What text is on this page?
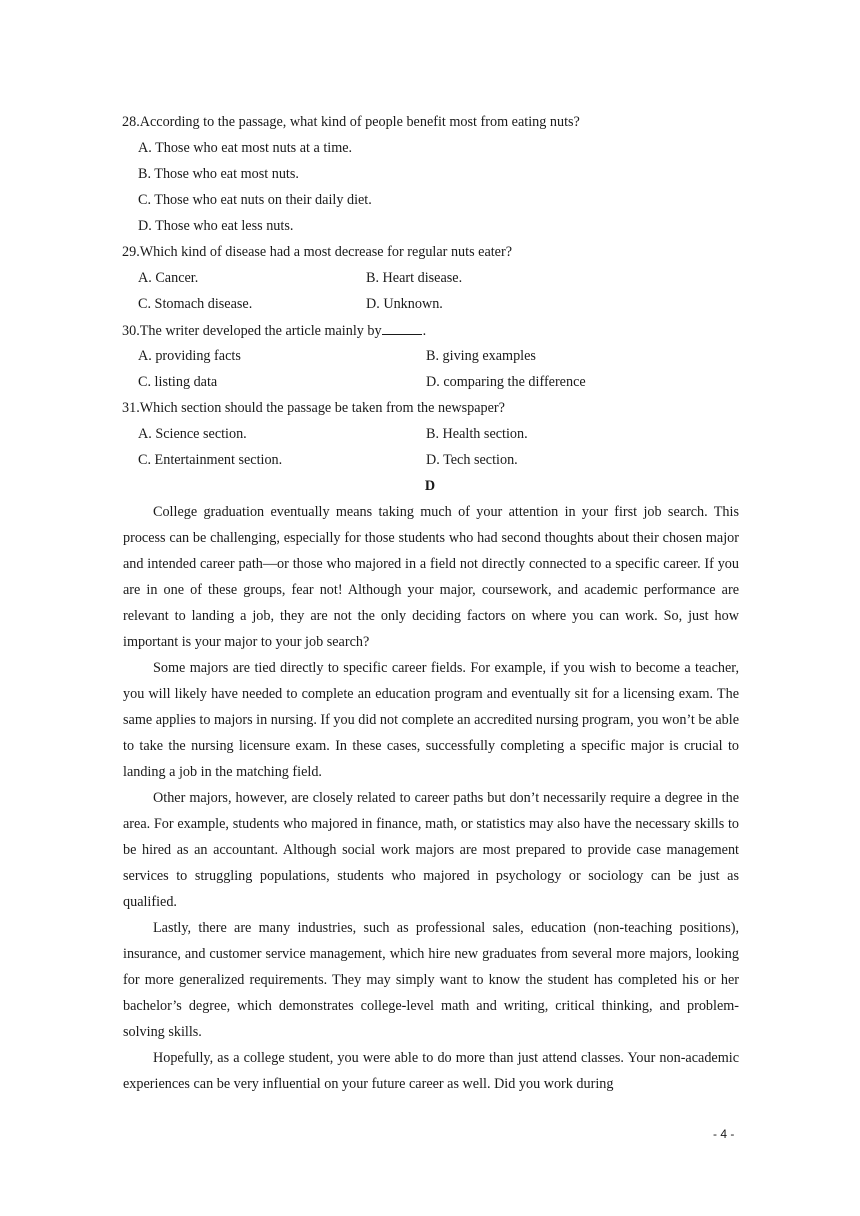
28.According to the passage, what kind of people benefit most from eating nuts?
A. Those who eat most nuts at a time.
B. Those who eat most nuts.
C. Those who eat nuts on their daily diet.
D. Those who eat less nuts.
29.Which kind of disease had a most decrease for regular nuts eater?
A. Cancer.	B. Heart disease.
C. Stomach disease.	D. Unknown.
30.The writer developed the article mainly by	.
A. providing facts	B. giving examples
C. listing data	D. comparing the difference
31.Which section should the passage be taken from the newspaper?
A. Science section.	B. Health section.
C. Entertainment section.	D. Tech section.
D

College graduation eventually means taking much of your attention in your first job search. This process can be challenging, especially for those students who had second thoughts about their chosen major and intended career path—or those who majored in a field not directly connected to a specific career. If you are in one of these groups, fear not! Although your major, coursework, and academic performance are relevant to landing a job, they are not the only deciding factors on where you can work. So, just how important is your major to your job search?

Some majors are tied directly to specific career fields. For example, if you wish to become a teacher, you will likely have needed to complete an education program and eventually sit for a licensing exam. The same applies to majors in nursing. If you did not complete an accredited nursing program, you won’t be able to take the nursing licensure exam. In these cases, successfully completing a specific major is crucial to landing a job in the matching field.

Other majors, however, are closely related to career paths but don’t necessarily require a degree in the area. For example, students who majored in finance, math, or statistics may also have the necessary skills to be hired as an accountant. Although social work majors are most prepared to provide case management services to struggling populations, students who majored in psychology or sociology can be just as qualified.

Lastly, there are many industries, such as professional sales, education (non-teaching positions), insurance, and customer service management, which hire new graduates from several more majors, looking for more generalized requirements. They may simply want to know the student has completed his or her bachelor’s degree, which demonstrates college-level math and writing, critical thinking, and problem-solving skills.

Hopefully, as a college student, you were able to do more than just attend classes. Your non-academic experiences can be very influential on your future career as well. Did you work during

- 4 -
